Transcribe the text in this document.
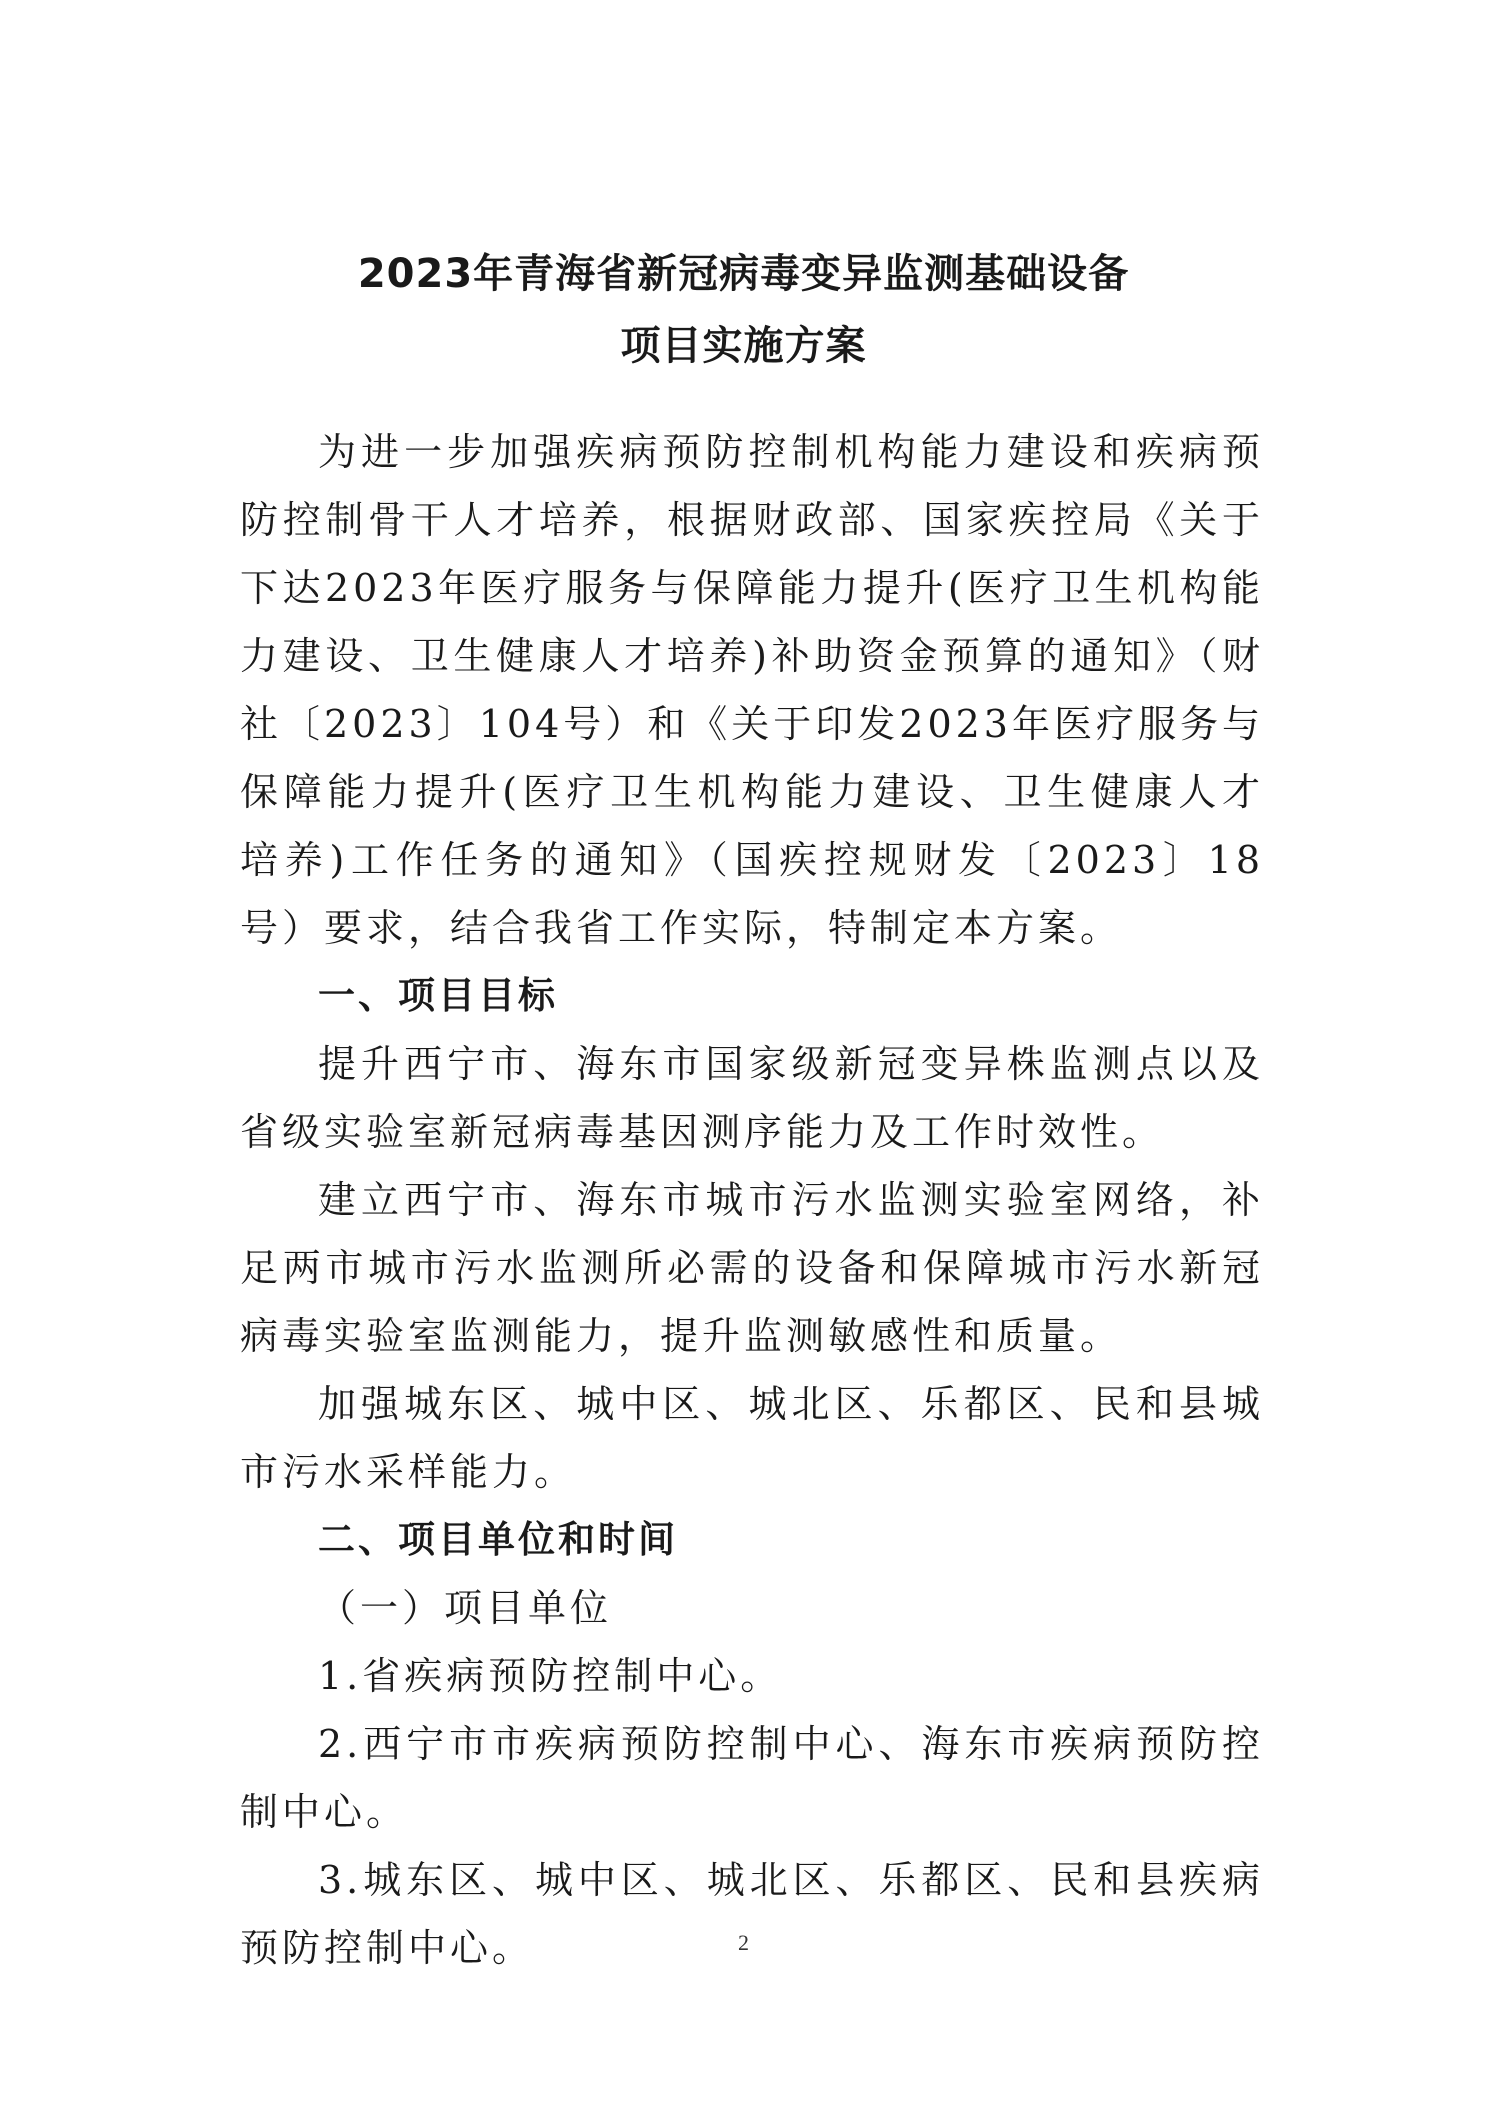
2023年青海省新冠病毒变异监测基础设备
项目实施方案

为进一步加强疾病预防控制机构能力建设和疾病预防控制骨干人才培养，根据财政部、国家疾控局《关于下达2023年医疗服务与保障能力提升(医疗卫生机构能力建设、卫生健康人才培养)补助资金预算的通知》（财社〔2023〕104号）和《关于印发2023年医疗服务与保障能力提升(医疗卫生机构能力建设、卫生健康人才培养)工作任务的通知》（国疾控规财发〔2023〕18号）要求，结合我省工作实际，特制定本方案。

一、项目目标

提升西宁市、海东市国家级新冠变异株监测点以及省级实验室新冠病毒基因测序能力及工作时效性。

建立西宁市、海东市城市污水监测实验室网络，补足两市城市污水监测所必需的设备和保障城市污水新冠病毒实验室监测能力，提升监测敏感性和质量。

加强城东区、城中区、城北区、乐都区、民和县城市污水采样能力。

二、项目单位和时间

（一）项目单位

1.省疾病预防控制中心。

2.西宁市市疾病预防控制中心、海东市疾病预防控制中心。

3.城东区、城中区、城北区、乐都区、民和县疾病预防控制中心。	2
